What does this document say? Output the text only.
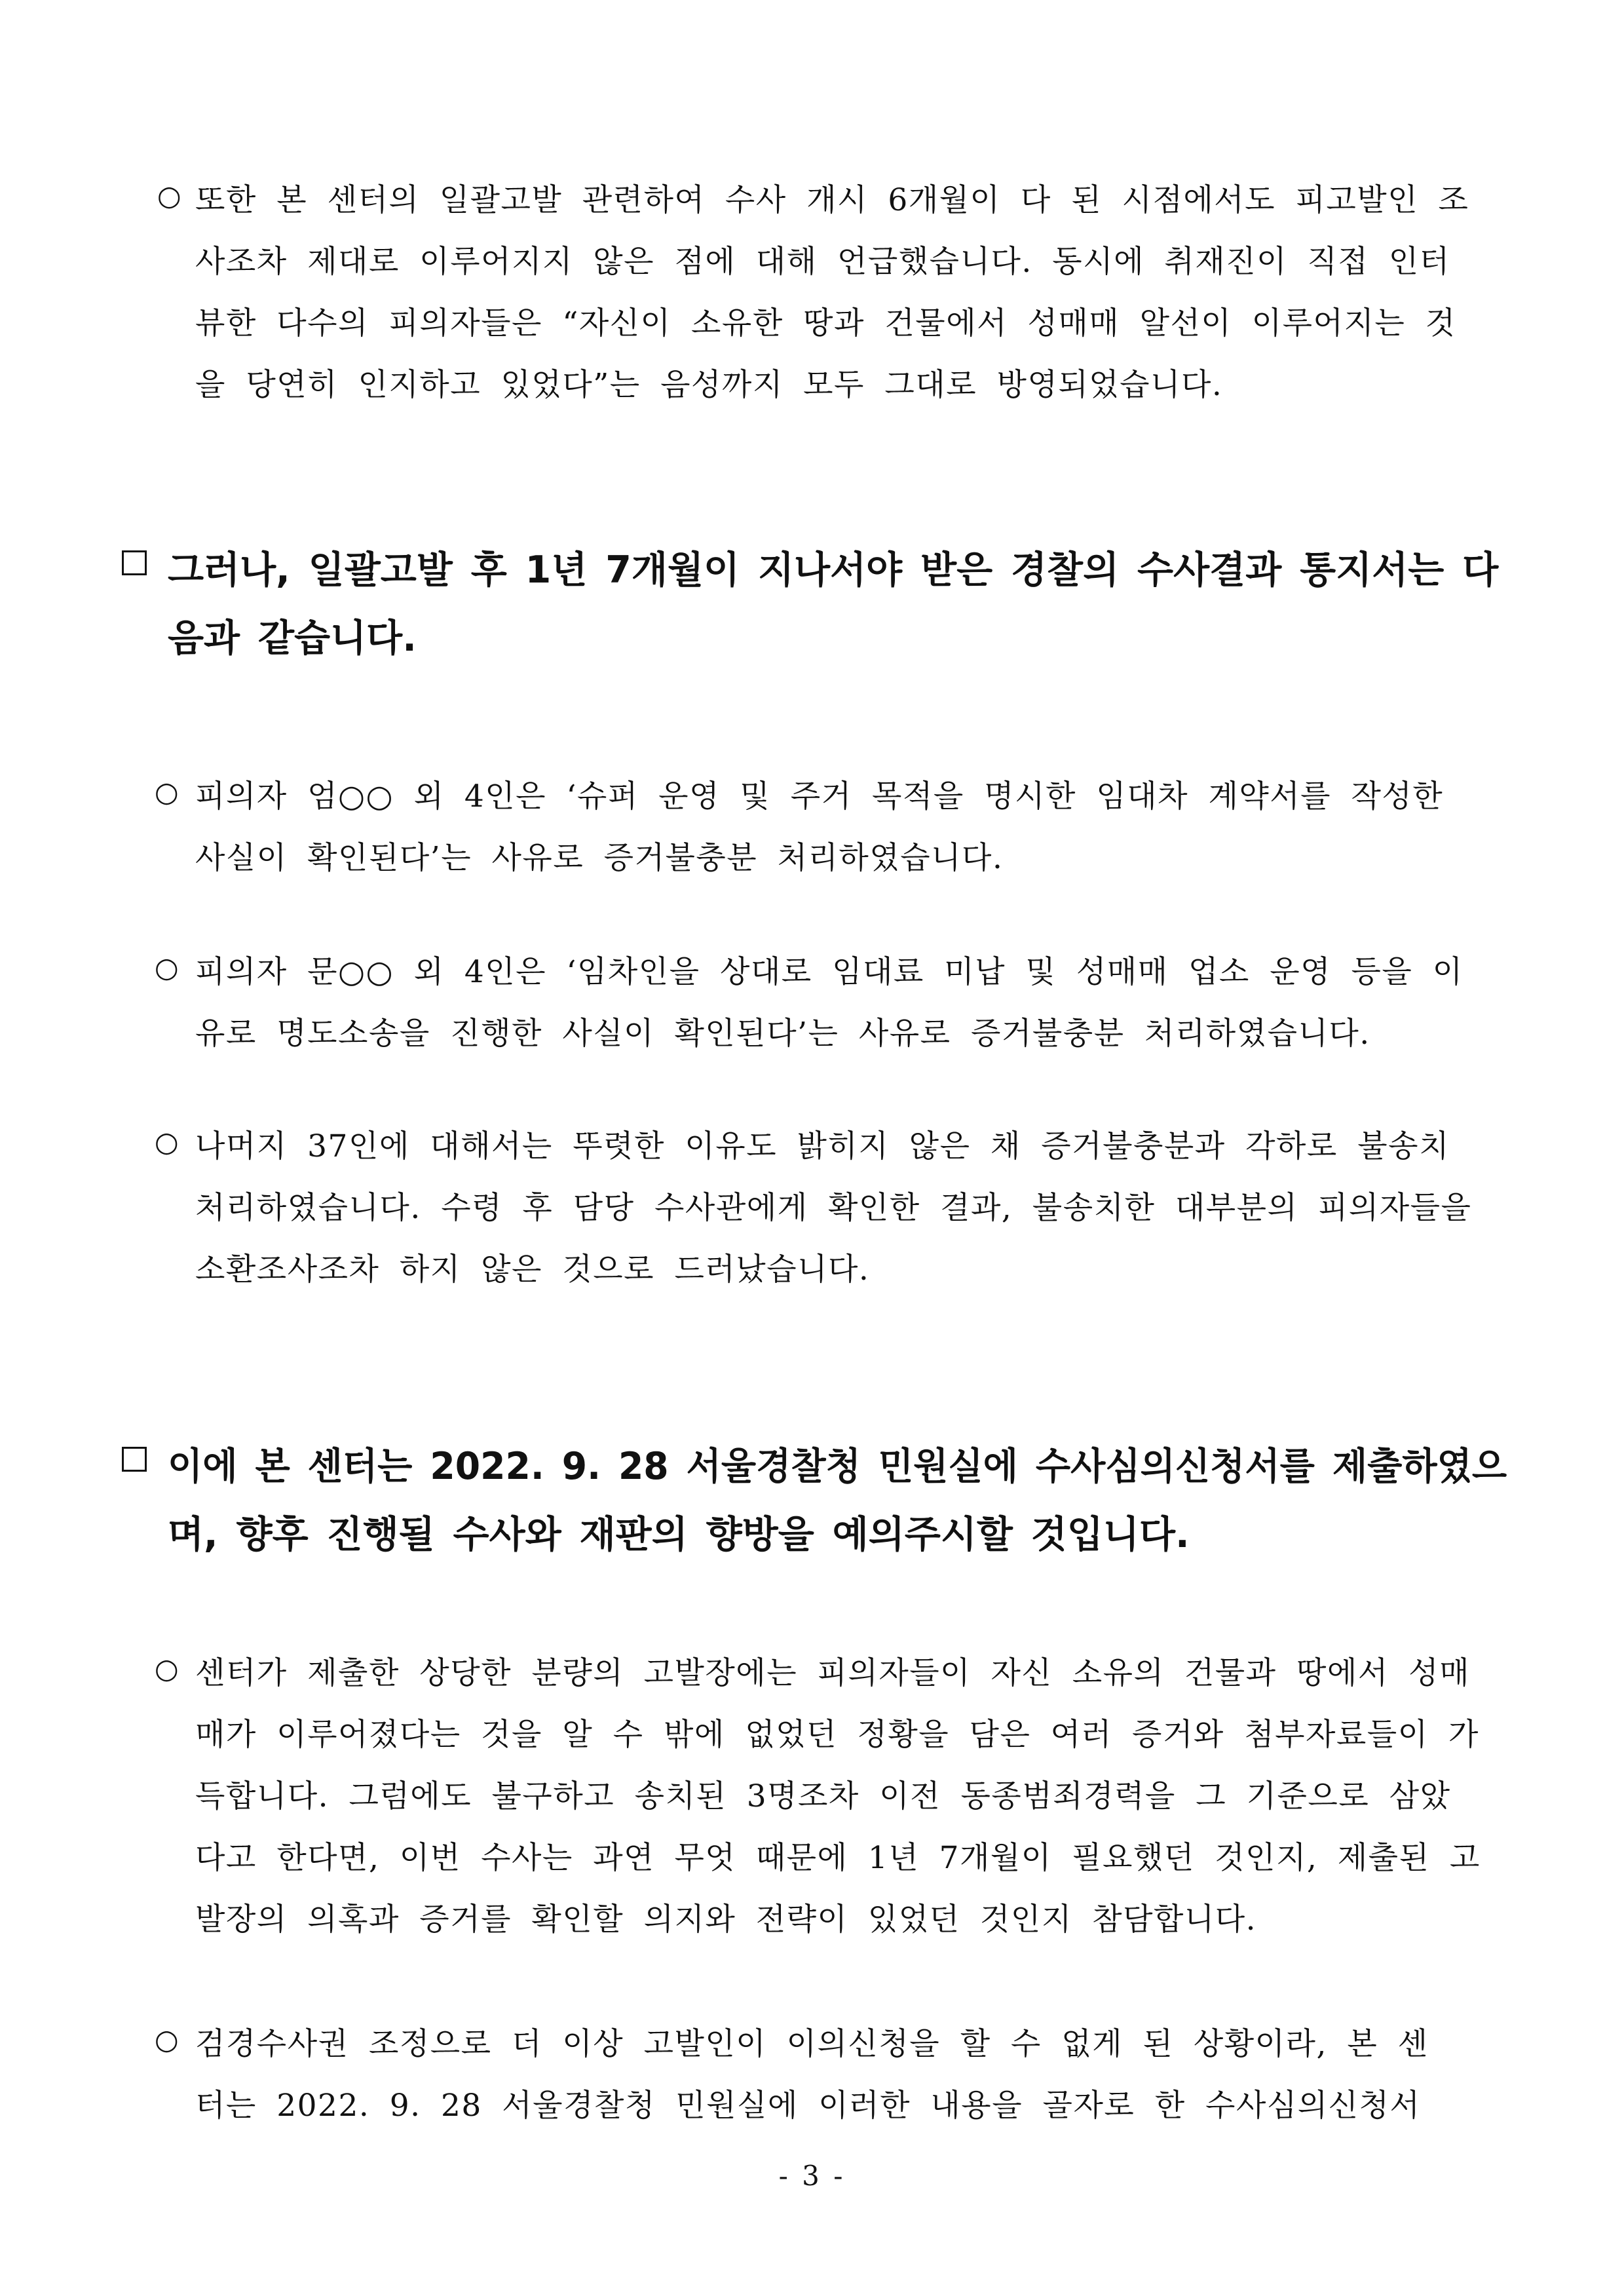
○ 또한 본 센터의 일괄고발 관련하여 수사 개시 6개월이 다 된 시점에서도 피고발인 조
사조차 제대로 이루어지지 않은 점에 대해 언급했습니다. 동시에 취재진이 직접 인터
뷰한 다수의 피의자들은 “자신이 소유한 땅과 건물에서 성매매 알선이 이루어지는 것
을 당연히 인지하고 있었다”는 음성까지 모두 그대로 방영되었습니다.
그러나, 일괄고발 후 1년 7개월이 지나서야 받은 경찰의 수사결과 통지서는 다
음과 같습니다.
○ 피의자 엄○○ 외 4인은 ‘슈퍼 운영 및 주거 목적을 명시한 임대차 계약서를 작성한
사실이 확인된다’는 사유로 증거불충분 처리하였습니다.
○ 피의자 문○○ 외 4인은 ‘임차인을 상대로 임대료 미납 및 성매매 업소 운영 등을 이
유로 명도소송을 진행한 사실이 확인된다’는 사유로 증거불충분 처리하였습니다.
○ 나머지 37인에 대해서는 뚜렷한 이유도 밝히지 않은 채 증거불충분과 각하로 불송치
처리하였습니다. 수령 후 담당 수사관에게 확인한 결과, 불송치한 대부분의 피의자들을
소환조사조차 하지 않은 것으로 드러났습니다.
이에 본 센터는 2022. 9. 28 서울경찰청 민원실에 수사심의신청서를 제출하였으
며, 향후 진행될 수사와 재판의 향방을 예의주시할 것입니다.
○ 센터가 제출한 상당한 분량의 고발장에는 피의자들이 자신 소유의 건물과 땅에서 성매
매가 이루어졌다는 것을 알 수 밖에 없었던 정황을 담은 여러 증거와 첨부자료들이 가
득합니다. 그럼에도 불구하고 송치된 3명조차 이전 동종범죄경력을 그 기준으로 삼았
다고 한다면, 이번 수사는 과연 무엇 때문에 1년 7개월이 필요했던 것인지, 제출된 고
발장의 의혹과 증거를 확인할 의지와 전략이 있었던 것인지 참담합니다.
○ 검경수사권 조정으로 더 이상 고발인이 이의신청을 할 수 없게 된 상황이라, 본 센
터는 2022. 9. 28 서울경찰청 민원실에 이러한 내용을 골자로 한 수사심의신청서
- 3 -
